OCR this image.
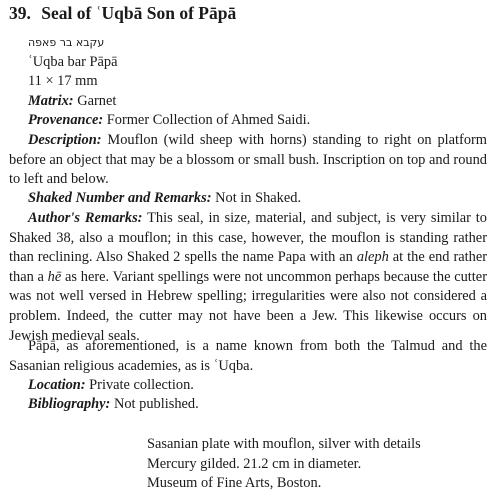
39. Seal of ʿUqbā Son of Pāpā
עקבא בר פאפה
ʿUqba bar Pāpā
11 × 17 mm
Matrix: Garnet
Provenance: Former Collection of Ahmed Saidi.

Description: Mouflon (wild sheep with horns) standing to right on platform before an object that may be a blossom or small bush. Inscription on top and round to left and below.

Shaked Number and Remarks: Not in Shaked.

Author's Remarks: This seal, in size, material, and subject, is very similar to Shaked 38, also a mouflon; in this case, however, the mouflon is standing rather than reclining. Also Shaked 2 spells the name Papa with an aleph at the end rather than a hē as here. Variant spellings were not uncommon perhaps because the cutter was not well versed in Hebrew spelling; irregularities were also not considered a problem. Indeed, the cutter may not have been a Jew. This likewise occurs on Jewish medieval seals.

Pāpā, as aforementioned, is a name known from both the Talmud and the Sasanian religious academies, as is ʿUqba.

Location: Private collection.
Bibliography: Not published.
Sasanian plate with mouflon, silver with details
Mercury gilded. 21.2 cm in diameter.
Museum of Fine Arts, Boston.
